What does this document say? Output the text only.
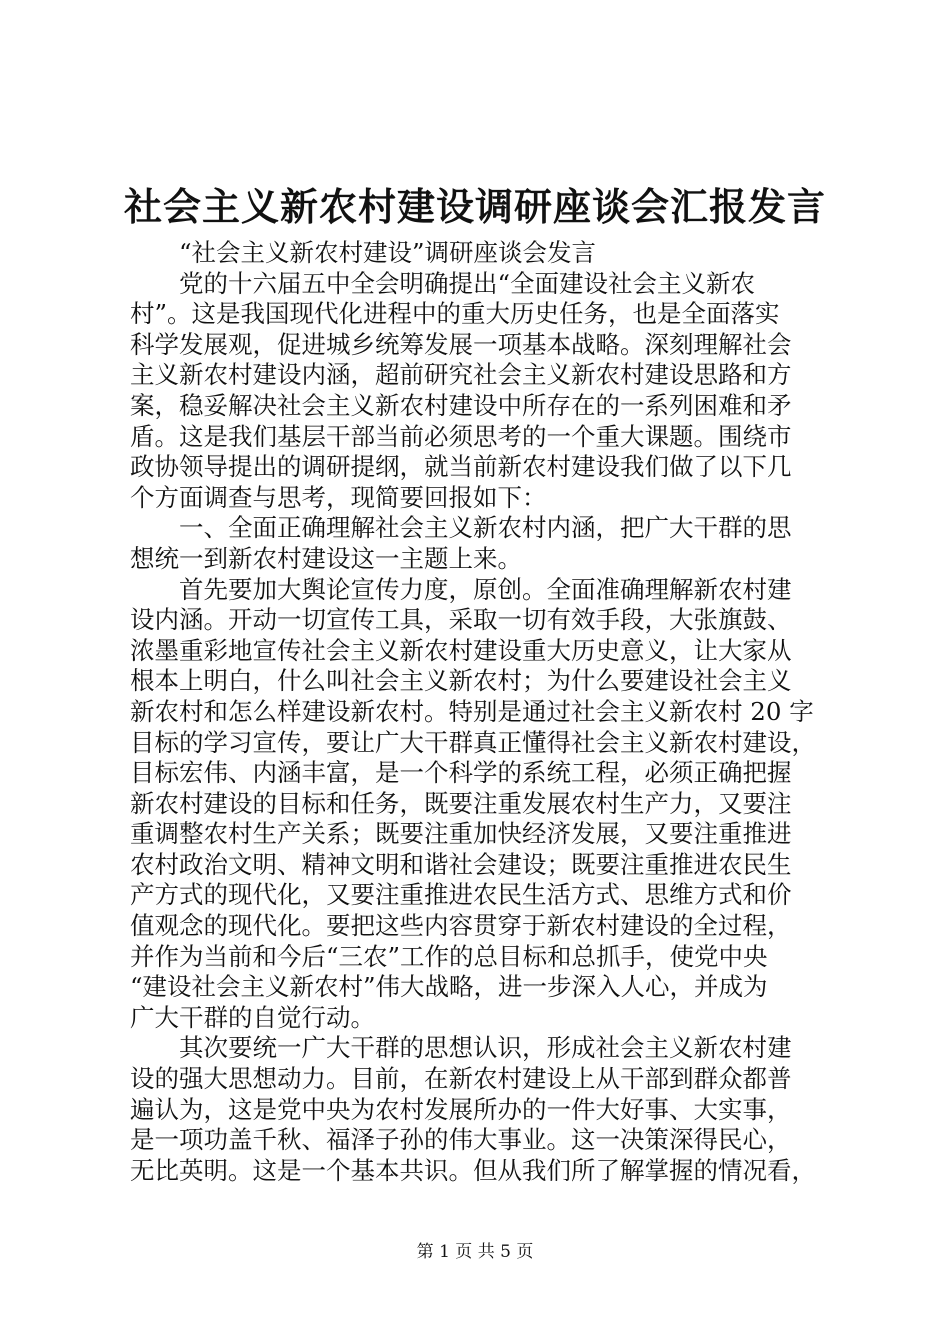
社会主义新农村建设调研座谈会汇报发言

　　“社会主义新农村建设”调研座谈会发言

　　党的十六届五中全会明确提出“全面建设社会主义新农

村”。这是我国现代化进程中的重大历史任务，也是全面落实

科学发展观，促进城乡统筹发展一项基本战略。深刻理解社会

主义新农村建设内涵，超前研究社会主义新农村建设思路和方

案，稳妥解决社会主义新农村建设中所存在的一系列困难和矛

盾。这是我们基层干部当前必须思考的一个重大课题。围绕市

政协领导提出的调研提纲，就当前新农村建设我们做了以下几

个方面调查与思考，现简要回报如下：

　　一、全面正确理解社会主义新农村内涵，把广大干群的思

想统一到新农村建设这一主题上来。

　　首先要加大舆论宣传力度，原创。全面准确理解新农村建

设内涵。开动一切宣传工具，采取一切有效手段，大张旗鼓、

浓墨重彩地宣传社会主义新农村建设重大历史意义，让大家从

根本上明白，什么叫社会主义新农村；为什么要建设社会主义

新农村和怎么样建设新农村。特别是通过社会主义新农村 20 字

目标的学习宣传，要让广大干群真正懂得社会主义新农村建设，

目标宏伟、内涵丰富，是一个科学的系统工程，必须正确把握

新农村建设的目标和任务，既要注重发展农村生产力，又要注

重调整农村生产关系；既要注重加快经济发展，又要注重推进

农村政治文明、精神文明和谐社会建设；既要注重推进农民生

产方式的现代化，又要注重推进农民生活方式、思维方式和价

值观念的现代化。要把这些内容贯穿于新农村建设的全过程，

并作为当前和今后“三农”工作的总目标和总抓手，使党中央

“建设社会主义新农村”伟大战略，进一步深入人心，并成为

广大干群的自觉行动。

　　其次要统一广大干群的思想认识，形成社会主义新农村建

设的强大思想动力。目前，在新农村建设上从干部到群众都普

遍认为，这是党中央为农村发展所办的一件大好事、大实事，

是一项功盖千秋、福泽子孙的伟大事业。这一决策深得民心，

无比英明。这是一个基本共识。但从我们所了解掌握的情况看，

第 1 页 共 5 页
